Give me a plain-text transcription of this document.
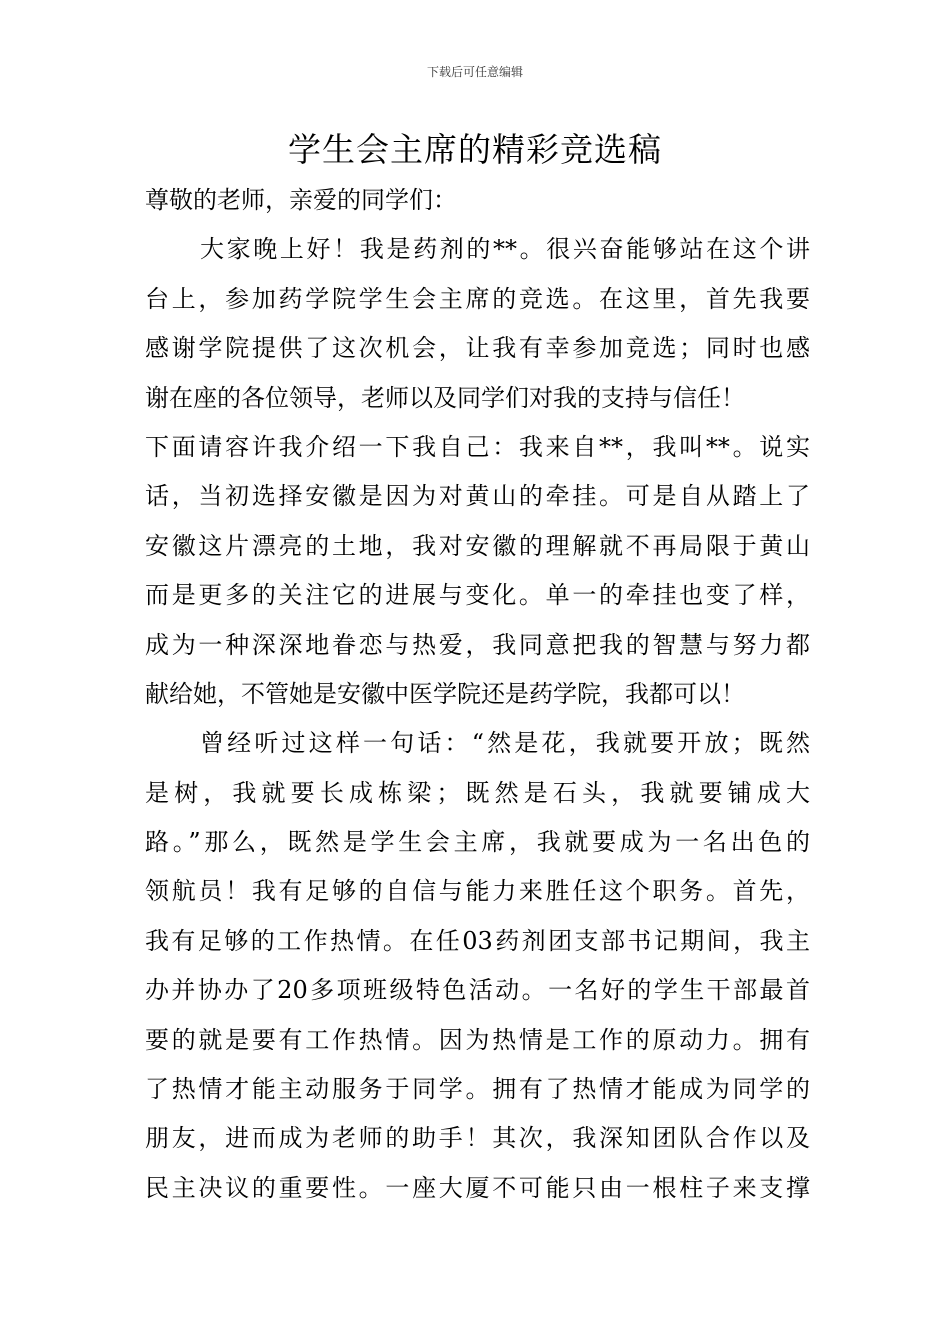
下载后可任意编辑
学生会主席的精彩竞选稿
尊敬的老师，亲爱的同学们：
大家晚上好！我是药剂的**。很兴奋能够站在这个讲
台上，参加药学院学生会主席的竞选。在这里，首先我要
感谢学院提供了这次机会，让我有幸参加竞选；同时也感
谢在座的各位领导，老师以及同学们对我的支持与信任！
下面请容许我介绍一下我自己：我来自**，我叫**。说实
话，当初选择安徽是因为对黄山的牵挂。可是自从踏上了
安徽这片漂亮的土地，我对安徽的理解就不再局限于黄山
而是更多的关注它的进展与变化。单一的牵挂也变了样，
成为一种深深地眷恋与热爱，我同意把我的智慧与努力都
献给她，不管她是安徽中医学院还是药学院，我都可以！
曾经听过这样一句话：“然是花，我就要开放；既然
是树，我就要长成栋梁；既然是石头，我就要铺成大
路。”那么，既然是学生会主席，我就要成为一名出色的
领航员！我有足够的自信与能力来胜任这个职务。首先，
我有足够的工作热情。在任03药剂团支部书记期间，我主
办并协办了20多项班级特色活动。一名好的学生干部最首
要的就是要有工作热情。因为热情是工作的原动力。拥有
了热情才能主动服务于同学。拥有了热情才能成为同学的
朋友，进而成为老师的助手！其次，我深知团队合作以及
民主决议的重要性。一座大厦不可能只由一根柱子来支撑
